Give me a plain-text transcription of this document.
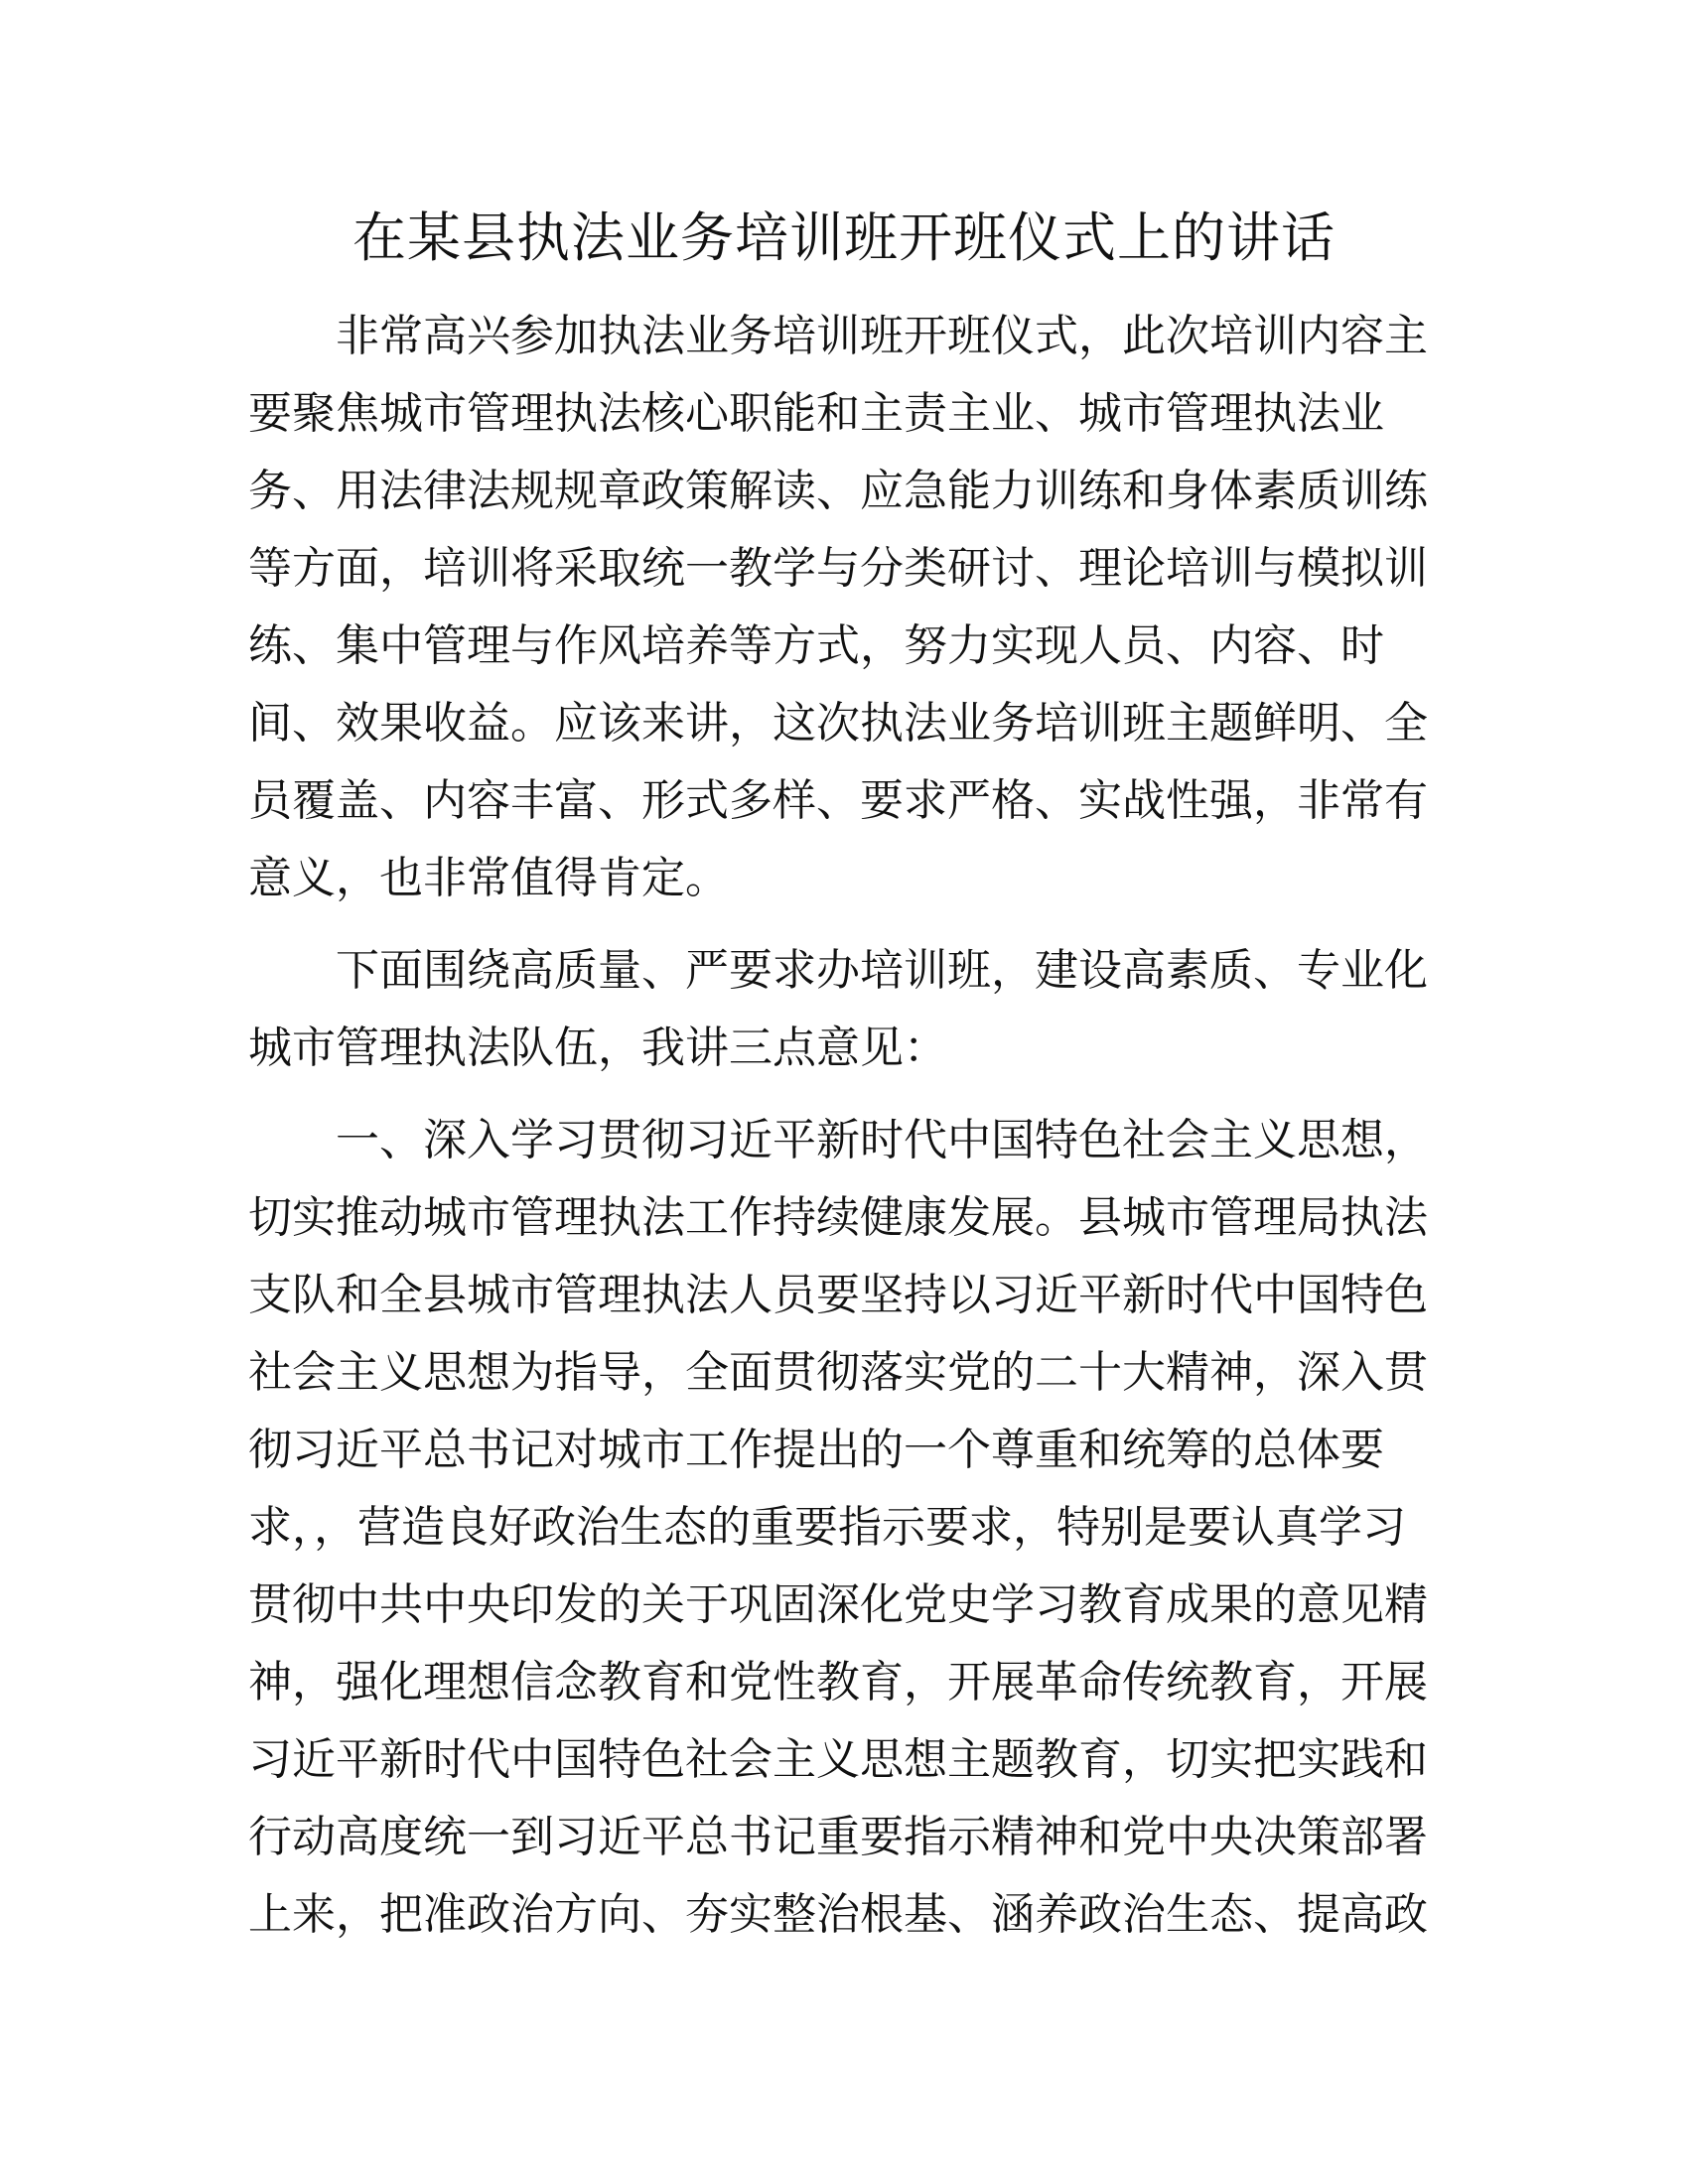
在某县执法业务培训班开班仪式上的讲话
非常高兴参加执法业务培训班开班仪式，此次培训内容主
要聚焦城市管理执法核心职能和主责主业、城市管理执法业
务、用法律法规规章政策解读、应急能力训练和身体素质训练
等方面，培训将采取统一教学与分类研讨、理论培训与模拟训
练、集中管理与作风培养等方式，努力实现人员、内容、时
间、效果收益。应该来讲，这次执法业务培训班主题鲜明、全
员覆盖、内容丰富、形式多样、要求严格、实战性强，非常有
意义，也非常值得肯定。
下面围绕高质量、严要求办培训班，建设高素质、专业化
城市管理执法队伍，我讲三点意见：
一、深入学习贯彻习近平新时代中国特色社会主义思想，
切实推动城市管理执法工作持续健康发展。县城市管理局执法
支队和全县城市管理执法人员要坚持以习近平新时代中国特色
社会主义思想为指导，全面贯彻落实党的二十大精神，深入贯
彻习近平总书记对城市工作提出的一个尊重和统筹的总体要
求，，营造良好政治生态的重要指示要求，特别是要认真学习
贯彻中共中央印发的关于巩固深化党史学习教育成果的意见精
神，强化理想信念教育和党性教育，开展革命传统教育，开展
习近平新时代中国特色社会主义思想主题教育，切实把实践和
行动高度统一到习近平总书记重要指示精神和党中央决策部署
上来，把准政治方向、夯实整治根基、涵养政治生态、提高政
